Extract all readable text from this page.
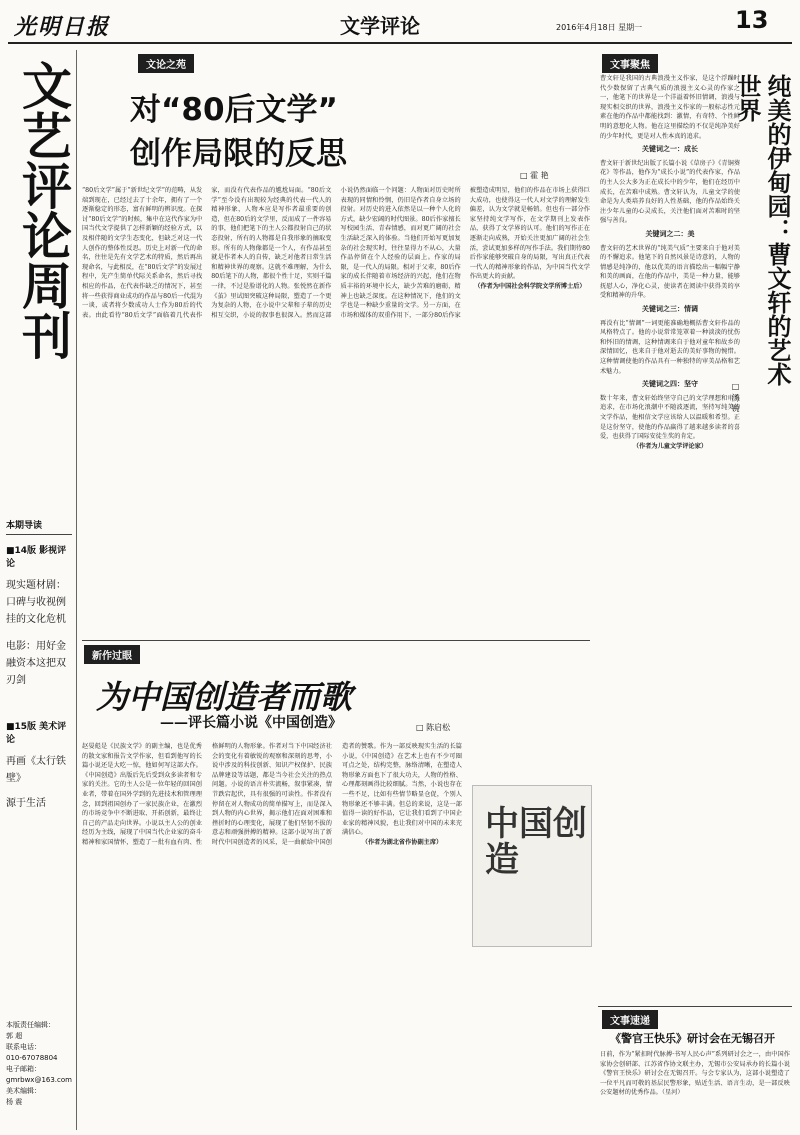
光明日报	文学评论	2016年4月18日 星期一	13
文艺评论周刊
本期导读
■14版 影视评论
现实题材剧：口碑与收视例挂的文化危机
电影：用好金融资本这把双刃剑
■15版 美术评论
再画《太行铁壁》
源于生活
本版责任编辑：
郭 超
联系电话：
010-67078804
电子邮箱：
gmrbwx@163.com
美术编辑：
杨 震
文论之苑
对“80后文学”
创作局限的反思
□ 霍 艳
“80后文学”属于“新世纪文学”的范畴，从发端到现在，已经过去了十余年，拥有了一个逐渐稳定的形态，富有鲜明的辨识度。在探讨“80后文学”的时候，集中在这代作家为中国当代文学提供了怎样新颖的经验方式，以及相伴随的文学生态变化，但缺乏对这一代人创作的整体性反思。历史上对新一代的命名，往往是先有文学艺术的特质，然后再出现命名，与此相反，在“80后文学”的发展过程中，先产生简单代际关系命名，然后寻找相应的作品，在代表作缺乏的情况下，甚至将一些获得商业成功的作品与80后一代混为一谈，或者将少数成功人士作为80后的代表。由此看待“80后文学”面临着几代表作家，而没有代表作品的尴尬局面。“80后文学”至今没有出现较为经典的代表一代人的精神形象，人物本应是写作者最重要的创造，但在80后的文学里，反而成了一件容易的事，他们把笔下的主人公都投射自己的状态投射，所有的人物都是自我形象的摘取变形。所有的人物像都是一个人，有作品甚至就是作者本人的自传，缺乏对他者日常生活和精神世界的观察。这就不难理解，为什么80后笔下的人物，都很个性十足，实则千篇一律，不过是脸谱化的人物。张悦然在新作《茧》里试图突破这种局限，塑造了一个更为复杂的人物，在小说中父辈和子辈的历史相互交织，小说的叙事也很深入。然而这部小说仍然面临一个问题：人物面对历史时所表现的同情和怜悯，仍旧是作者自身立场的投射。对历史的进入依然是以一种个人化的方式，缺少宏阔的时代图景。80后作家擅长写校园生活、青春情感，而对更广阔的社会生活缺乏深入的体验。当他们开始写更加复杂的社会现实时，往往显得力不从心，大量作品停留在个人经验的层面上。作家的局限，是一代人的局限。相对于父辈，80后作家的成长伴随着市场经济的兴起，他们在物质丰裕的环境中长大，缺少苦难的磨砺，精神上也缺乏深度。在这种情况下，他们的文学也是一种缺少重量的文学。另一方面，在市场和媒体的双重作用下，一部分80后作家被塑造成明星，他们的作品在市场上获得巨大成功，也使得这一代人对文学的理解发生偏差，认为文学就是畅销。但也有一部分作家坚持纯文学写作，在文学期刊上发表作品，获得了文学界的认可。他们的写作正在逐渐走向成熟，开始关注更加广阔的社会生活，尝试更加多样的写作手法。我们期待80后作家能够突破自身的局限，写出真正代表一代人的精神形象的作品，为中国当代文学作出更大的贡献。
（作者为中国社会科学院文学所博士后）
新作过眼
为中国创造者而歌
——评长篇小说《中国创造》	□ 陈启松
赵晏彪是《民族文学》的副主编，也是优秀的散文家和报告文学作家，但看到他写的长篇小说还是大吃一惊，他如何写这部大作。《中国创造》出版后先后受到众多读者和专家的关注。它的主人公是一位年轻的回国创业者，带着在国外学到的先进技术和管理理念，回到祖国创办了一家民族企业，在激烈的市场竞争中不断进取、开拓创新，最终让自己的产品走向世界。小说以主人公的创业经历为主线，展现了中国当代企业家的奋斗精神和家国情怀，塑造了一批有血有肉、性格鲜明的人物形象。作者对当下中国经济社会的变化有着敏锐的观察和深刻的思考，小说中涉及的科技创新、知识产权保护、民族品牌建设等话题，都是当今社会关注的热点问题。小说的语言朴实流畅，叙事紧凑，情节跌宕起伏，具有很强的可读性。作者没有停留在对人物成功的简单描写上，而是深入到人物的内心世界，揭示他们在面对困难和挫折时的心理变化，展现了他们坚韧不拔的意志和顽强拼搏的精神。这部小说写出了新时代中国创造者的风采，是一曲献给中国创造者的赞歌。作为一部反映现实生活的长篇小说，《中国创造》在艺术上也有不少可圈可点之处，结构完整，脉络清晰，在塑造人物形象方面也下了很大功夫，人物的性格、心理都刻画得比较细腻。当然，小说也存在一些不足，比如有些情节略显仓促，个别人物形象还不够丰满。但总的来说，这是一部值得一读的好作品，它让我们看到了中国企业家的精神风貌，也让我们对中国的未来充满信心。
（作者为湖北省作协副主席）	中国创造
文事聚焦
纯美的伊甸园：曹文轩的艺术世界
□ 汤 锐
曹文轩是我国的古典浪漫主义作家，是这个浮躁时代少数保留了古典气质的浪漫主义心灵的作家之一，他笔下的世界是一个洋溢着怀旧情调，浪漫与现实相交织的世界，浪漫主义作家的一般标志性元素在他的作品中都能找到：激情，有奇特、个性鲜明的意想化人物。他在这里描绘的不仅是纯净美好的少年时代，更是对人性本真的追求。
关键词之一：成长
曹文轩于新世纪出版了长篇小说《草房子》《青铜葵花》等作品，他作为“成长小说”的代表作家，作品的主人公大多为正在成长中的少年，他们在经历中成长，在苦难中成熟。曹文轩认为，儿童文学的使命是为人类培养良好的人性基础，他的作品始终关注少年儿童的心灵成长，关注他们面对苦难时的坚强与善良。
关键词之二：美
曹文轩的艺术世界的“纯美气质”主要来自于他对美的不懈追求。他笔下的自然风景是诗意的，人物的情感是纯净的，他以优美的语言描绘出一幅幅宁静和美的画面，在他的作品中，美是一种力量，能够抚慰人心，净化心灵，使读者在阅读中获得美的享受和精神的升华。
关键词之三：情调
再没有比“情调”一词更能准确地概括曹文轩作品的风格特点了。他的小说常常笼罩着一种淡淡的忧伤和怀旧的情调，这种情调来自于他对童年和故乡的深情回忆，也来自于他对逝去的美好事物的惋惜。这种情调使他的作品具有一种独特的审美品格和艺术魅力。
关键词之四：坚守
数十年来，曹文轩始终坚守自己的文学理想和审美追求，在市场化浪潮中不随波逐流，坚持写纯美的文学作品，他相信文学应该给人以温暖和希望。正是这份坚守，使他的作品赢得了越来越多读者的喜爱，也获得了国际安徒生奖的肯定。
（作者为儿童文学评论家）
文事速递
《警官王快乐》研讨会在无锡召开
日前，作为“紧扣时代脉搏·书写人民心声”系列研讨会之一，由中国作家协会创研部、江苏省作协文联主办，无锡市公安局承办的长篇小说《警官王快乐》研讨会在无锡召开。与会专家认为，这部小说塑造了一位平凡而可敬的基层民警形象，贴近生活、语言生动，是一部反映公安题材的优秀作品。（星河）
